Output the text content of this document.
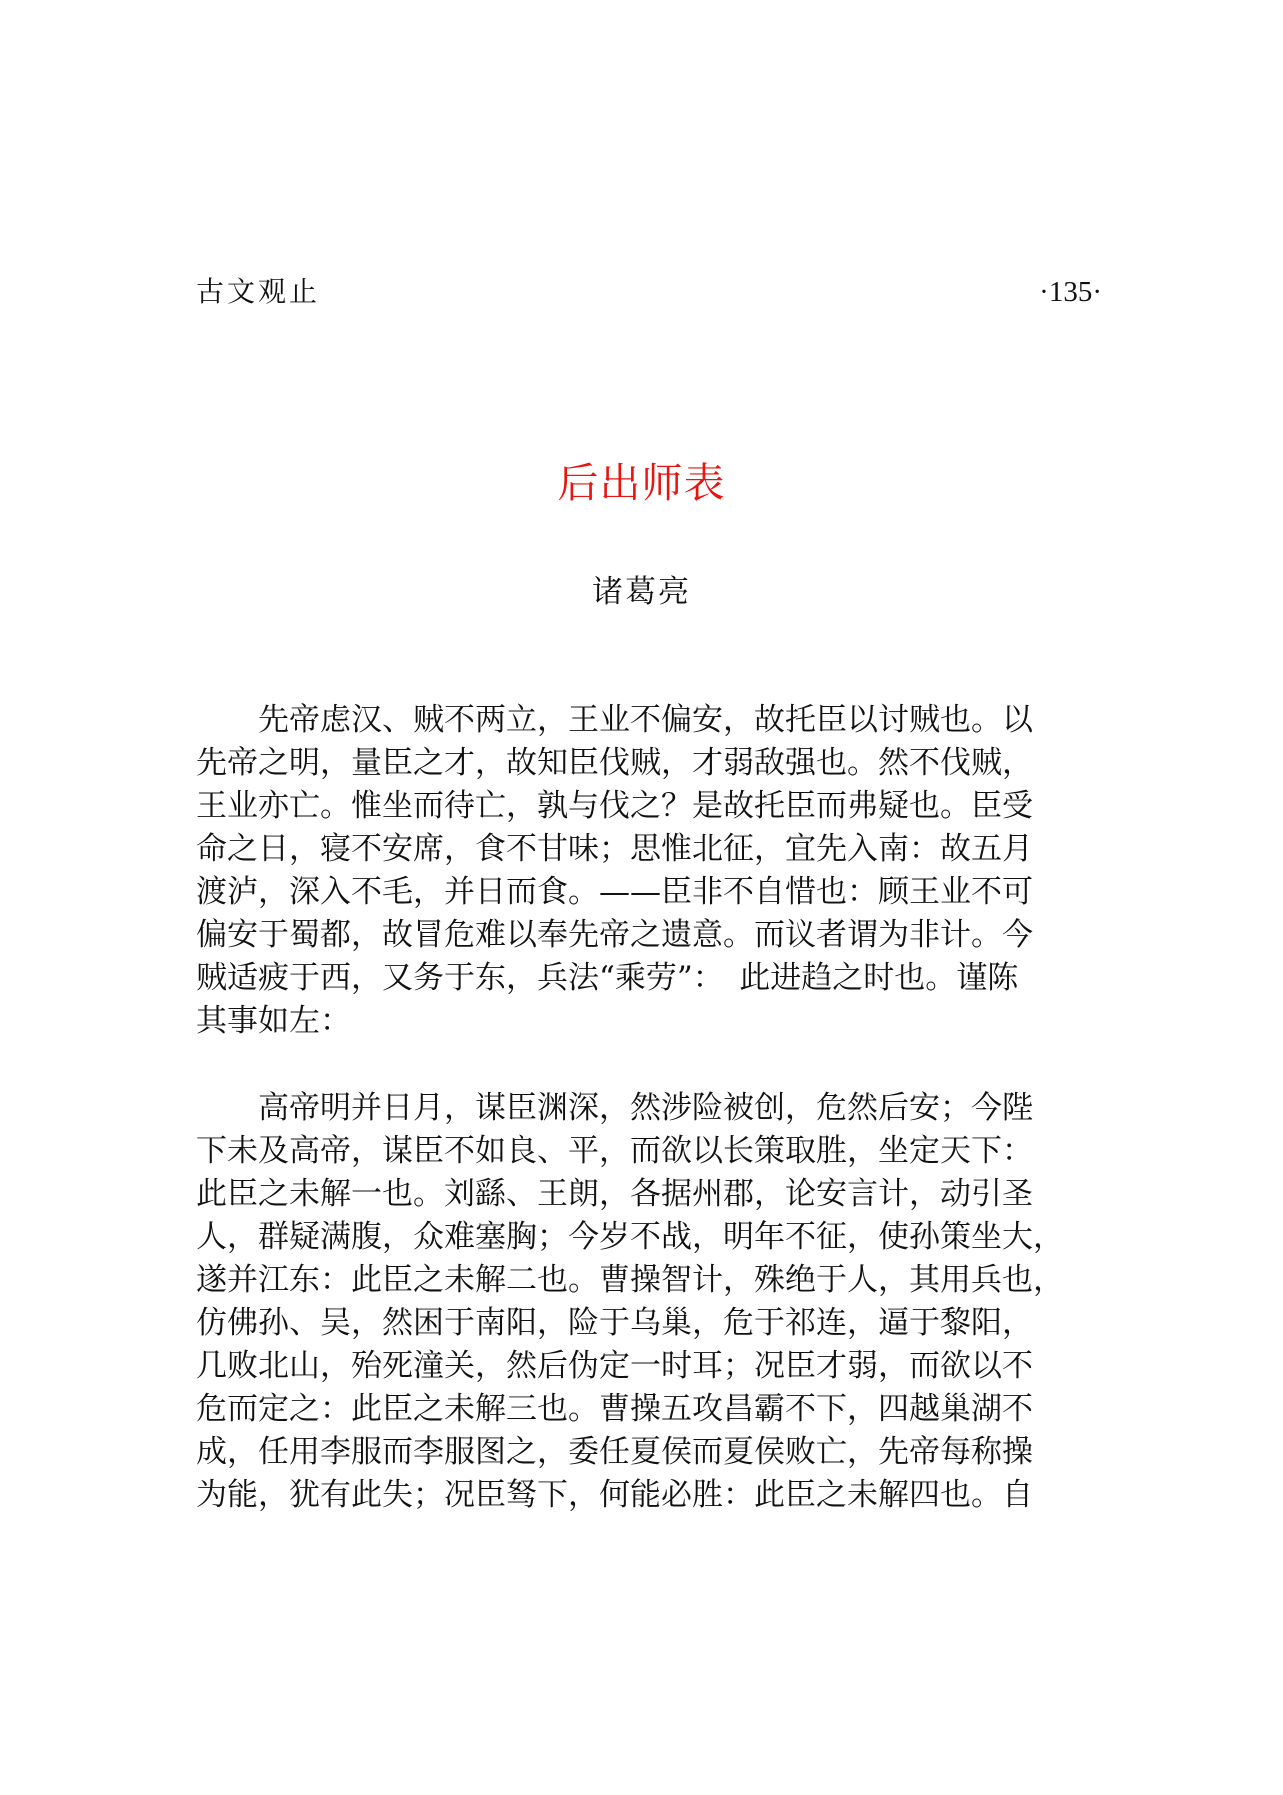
古文观止	·135·
后出师表
诸葛亮
　　先帝虑汉、贼不两立，王业不偏安，故托臣以讨贼也。以
先帝之明，量臣之才，故知臣伐贼，才弱敌强也。然不伐贼，
王业亦亡。惟坐而待亡，孰与伐之？是故托臣而弗疑也。臣受
命之日，寝不安席，食不甘味；思惟北征，宜先入南：故五月
渡泸，深入不毛，并日而食。——臣非不自惜也：顾王业不可
偏安于蜀都，故冒危难以奉先帝之遗意。而议者谓为非计。今
贼适疲于西，又务于东，兵法“乘劳”：　此进趋之时也。谨陈
其事如左：
　　高帝明并日月，谋臣渊深，然涉险被创，危然后安；今陛
下未及高帝，谋臣不如良、平，而欲以长策取胜，坐定天下：
此臣之未解一也。刘繇、王朗，各据州郡，论安言计，动引圣
人，群疑满腹，众难塞胸；今岁不战，明年不征，使孙策坐大，
遂并江东：此臣之未解二也。曹操智计，殊绝于人，其用兵也，
仿佛孙、吴，然困于南阳，险于乌巢，危于祁连，逼于黎阳，
几败北山，殆死潼关，然后伪定一时耳；况臣才弱，而欲以不
危而定之：此臣之未解三也。曹操五攻昌霸不下，四越巢湖不
成，任用李服而李服图之，委任夏侯而夏侯败亡，先帝每称操
为能，犹有此失；况臣驽下，何能必胜：此臣之未解四也。自
